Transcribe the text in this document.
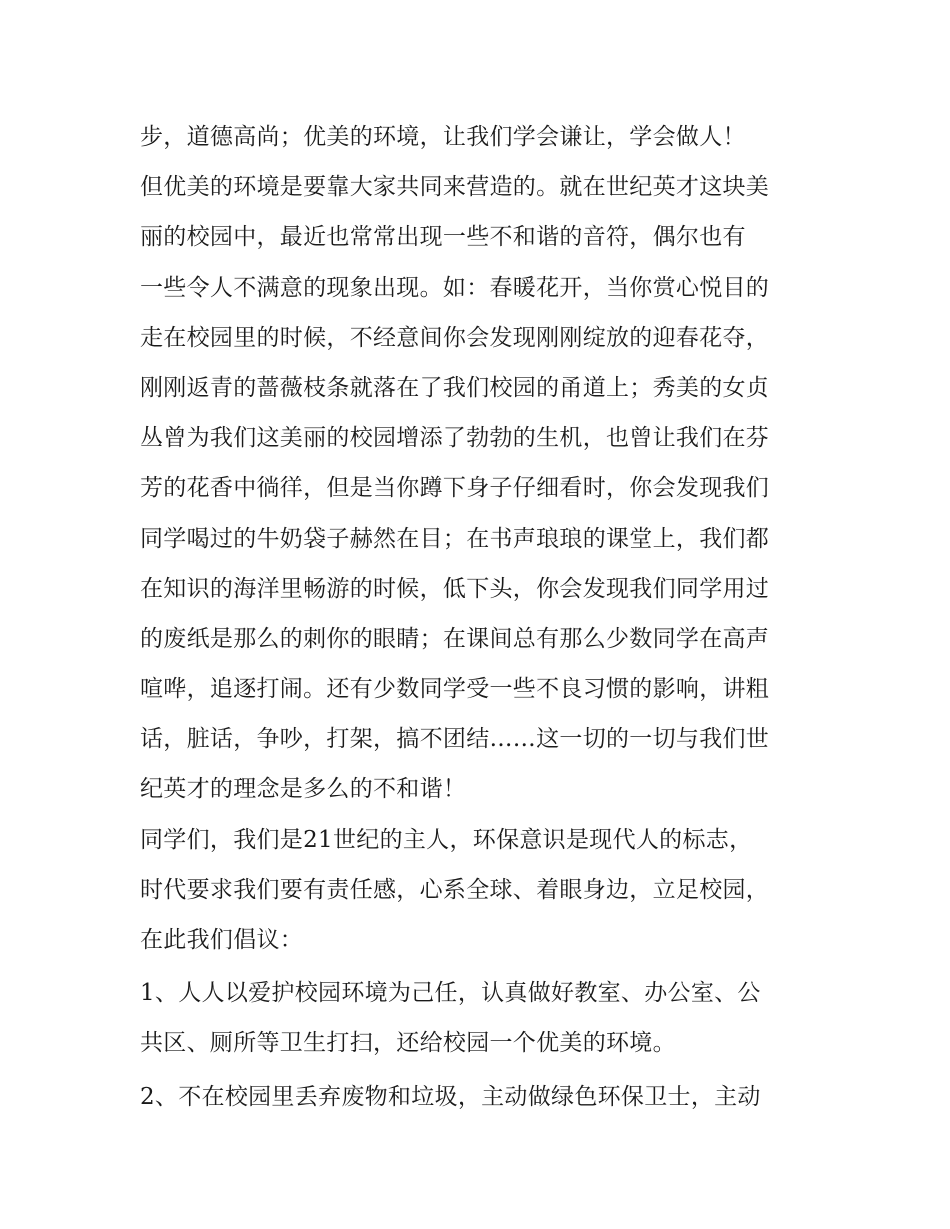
步，道德高尚；优美的环境，让我们学会谦让，学会做人！
但优美的环境是要靠大家共同来营造的。就在世纪英才这块美
丽的校园中，最近也常常出现一些不和谐的音符，偶尔也有
一些令人不满意的现象出现。如：春暖花开，当你赏心悦目的
走在校园里的时候，不经意间你会发现刚刚绽放的迎春花夺，
刚刚返青的蔷薇枝条就落在了我们校园的甬道上；秀美的女贞
丛曾为我们这美丽的校园增添了勃勃的生机，也曾让我们在芬
芳的花香中徜徉，但是当你蹲下身子仔细看时，你会发现我们
同学喝过的牛奶袋子赫然在目；在书声琅琅的课堂上，我们都
在知识的海洋里畅游的时候，低下头，你会发现我们同学用过
的废纸是那么的刺你的眼睛；在课间总有那么少数同学在高声
喧哗，追逐打闹。还有少数同学受一些不良习惯的影响，讲粗
话，脏话，争吵，打架，搞不团结……这一切的一切与我们世
纪英才的理念是多么的不和谐！
同学们，我们是21世纪的主人，环保意识是现代人的标志，
时代要求我们要有责任感，心系全球、着眼身边，立足校园，
在此我们倡议：
1、人人以爱护校园环境为己任，认真做好教室、办公室、公
共区、厕所等卫生打扫，还给校园一个优美的环境。
2、不在校园里丢弃废物和垃圾，主动做绿色环保卫士，主动
